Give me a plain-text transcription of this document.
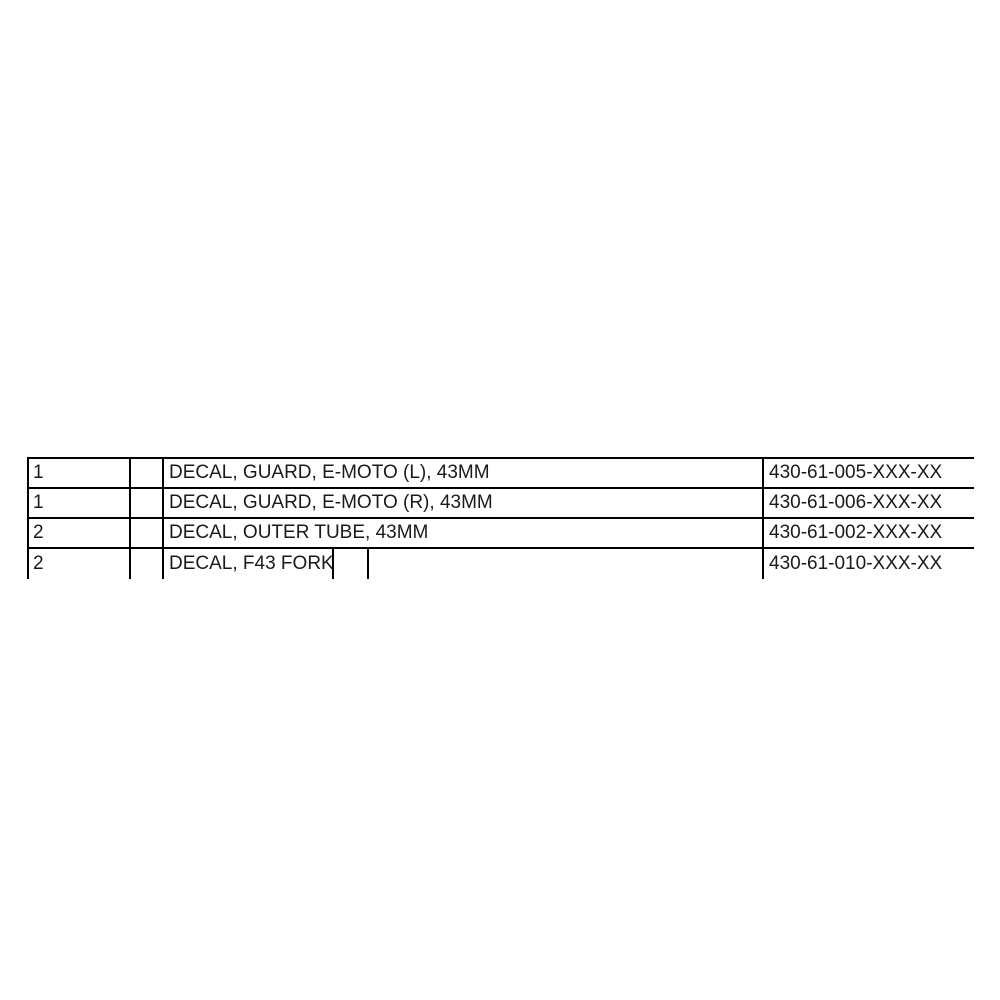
1	DECAL, GUARD, E-MOTO (L), 43MM	430-61-005-XXX-XX
1	DECAL, GUARD, E-MOTO (R), 43MM	430-61-006-XXX-XX
2	DECAL, OUTER TUBE, 43MM	430-61-002-XXX-XX
2	DECAL, F43 FORK	430-61-010-XXX-XX
